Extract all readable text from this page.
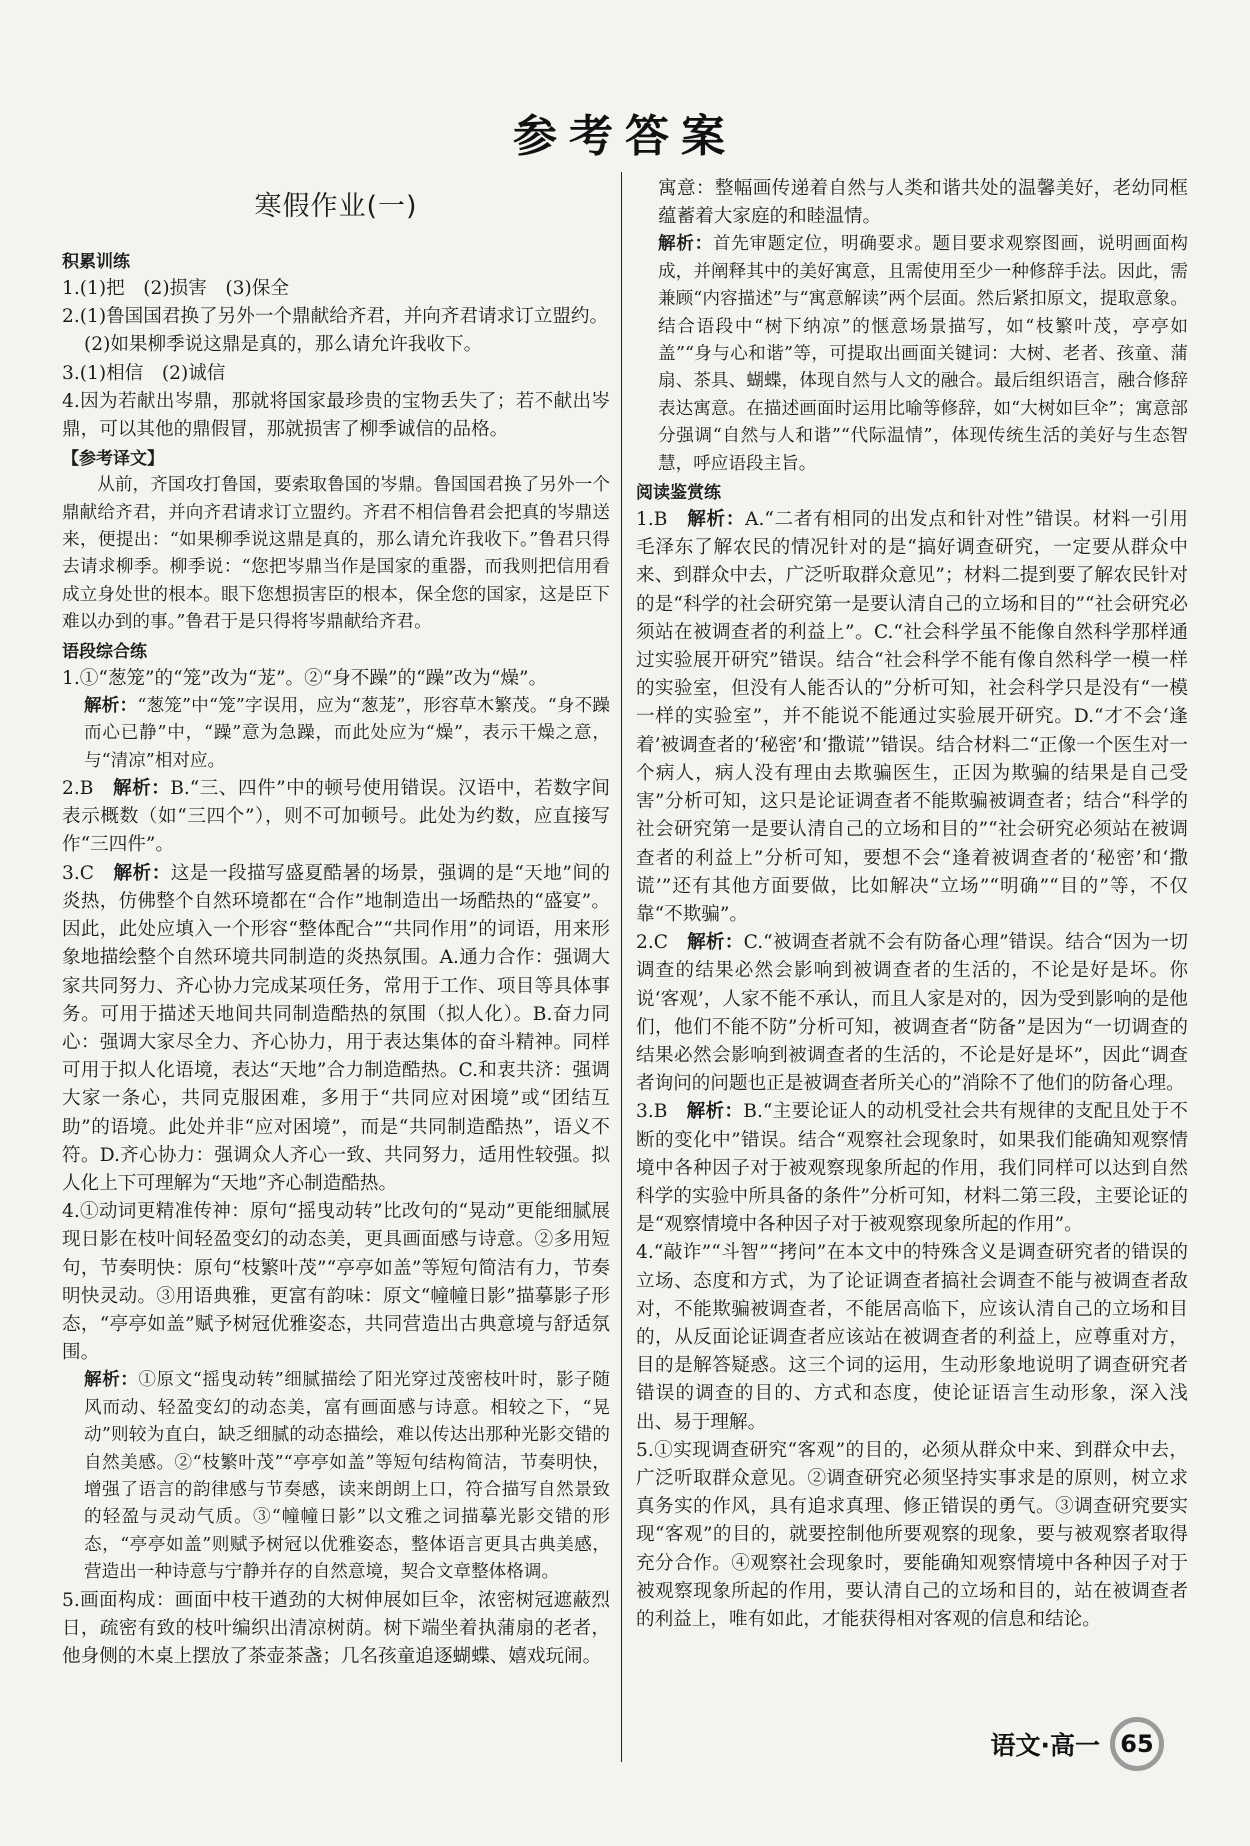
参考答案
寒假作业(一)
积累训练
1.(1)把　(2)损害　(3)保全
2.(1)鲁国国君换了另外一个鼎献给齐君，并向齐君请求订立盟约。
(2)如果柳季说这鼎是真的，那么请允许我收下。
3.(1)相信　(2)诚信
4.因为若献出岑鼎，那就将国家最珍贵的宝物丢失了；若不献出岑鼎，可以其他的鼎假冒，那就损害了柳季诚信的品格。
【参考译文】
从前，齐国攻打鲁国，要索取鲁国的岑鼎。鲁国国君换了另外一个鼎献给齐君，并向齐君请求订立盟约。齐君不相信鲁君会把真的岑鼎送来，便提出：“如果柳季说这鼎是真的，那么请允许我收下。”鲁君只得去请求柳季。柳季说：“您把岑鼎当作是国家的重器，而我则把信用看成立身处世的根本。眼下您想损害臣的根本，保全您的国家，这是臣下难以办到的事。”鲁君于是只得将岑鼎献给齐君。
语段综合练
1.①“葱笼”的“笼”改为“茏”。②“身不躁”的“躁”改为“燥”。
解析：“葱笼”中“笼”字误用，应为“葱茏”，形容草木繁茂。“身不躁而心已静”中，“躁”意为急躁，而此处应为“燥”，表示干燥之意，与“清凉”相对应。
2.B　解析：B.“三、四件”中的顿号使用错误。汉语中，若数字间表示概数（如“三四个”），则不可加顿号。此处为约数，应直接写作“三四件”。
3.C　解析：这是一段描写盛夏酷暑的场景，强调的是“天地”间的炎热，仿佛整个自然环境都在“合作”地制造出一场酷热的“盛宴”。因此，此处应填入一个形容“整体配合”“共同作用”的词语，用来形象地描绘整个自然环境共同制造的炎热氛围。A.通力合作：强调大家共同努力、齐心协力完成某项任务，常用于工作、项目等具体事务。可用于描述天地间共同制造酷热的氛围（拟人化）。B.奋力同心：强调大家尽全力、齐心协力，用于表达集体的奋斗精神。同样可用于拟人化语境，表达“天地”合力制造酷热。C.和衷共济：强调大家一条心，共同克服困难，多用于“共同应对困境”或“团结互助”的语境。此处并非“应对困境”，而是“共同制造酷热”，语义不符。D.齐心协力：强调众人齐心一致、共同努力，适用性较强。拟人化上下可理解为“天地”齐心制造酷热。
4.①动词更精准传神：原句“摇曳动转”比改句的“晃动”更能细腻展现日影在枝叶间轻盈变幻的动态美，更具画面感与诗意。②多用短句，节奏明快：原句“枝繁叶茂”“亭亭如盖”等短句简洁有力，节奏明快灵动。③用语典雅，更富有韵味：原文“幢幢日影”描摹影子形态，“亭亭如盖”赋予树冠优雅姿态，共同营造出古典意境与舒适氛围。
解析：①原文“摇曳动转”细腻描绘了阳光穿过茂密枝叶时，影子随风而动、轻盈变幻的动态美，富有画面感与诗意。相较之下，“晃动”则较为直白，缺乏细腻的动态描绘，难以传达出那种光影交错的自然美感。②“枝繁叶茂”“亭亭如盖”等短句结构简洁，节奏明快，增强了语言的韵律感与节奏感，读来朗朗上口，符合描写自然景致的轻盈与灵动气质。③“幢幢日影”以文雅之词描摹光影交错的形态，“亭亭如盖”则赋予树冠以优雅姿态，整体语言更具古典美感，营造出一种诗意与宁静并存的自然意境，契合文章整体格调。
5.画面构成：画面中枝干遒劲的大树伸展如巨伞，浓密树冠遮蔽烈日，疏密有致的枝叶编织出清凉树荫。树下端坐着执蒲扇的老者，他身侧的木桌上摆放了茶壶茶盏；几名孩童追逐蝴蝶、嬉戏玩闹。
寓意：整幅画传递着自然与人类和谐共处的温馨美好，老幼同框蕴蓄着大家庭的和睦温情。
解析：首先审题定位，明确要求。题目要求观察图画，说明画面构成，并阐释其中的美好寓意，且需使用至少一种修辞手法。因此，需兼顾“内容描述”与“寓意解读”两个层面。然后紧扣原文，提取意象。结合语段中“树下纳凉”的惬意场景描写，如“枝繁叶茂，亭亭如盖”“身与心和谐”等，可提取出画面关键词：大树、老者、孩童、蒲扇、茶具、蝴蝶，体现自然与人文的融合。最后组织语言，融合修辞表达寓意。在描述画面时运用比喻等修辞，如“大树如巨伞”；寓意部分强调“自然与人和谐”“代际温情”，体现传统生活的美好与生态智慧，呼应语段主旨。
阅读鉴赏练
1.B　解析：A.“二者有相同的出发点和针对性”错误。材料一引用毛泽东了解农民的情况针对的是“搞好调查研究，一定要从群众中来、到群众中去，广泛听取群众意见”；材料二提到要了解农民针对的是“科学的社会研究第一是要认清自己的立场和目的”“社会研究必须站在被调查者的利益上”。C.“社会科学虽不能像自然科学那样通过实验展开研究”错误。结合“社会科学不能有像自然科学一模一样的实验室，但没有人能否认的”分析可知，社会科学只是没有“一模一样的实验室”，并不能说不能通过实验展开研究。D.“才不会‘逢着’被调查者的‘秘密’和‘撒谎’”错误。结合材料二“正像一个医生对一个病人，病人没有理由去欺骗医生，正因为欺骗的结果是自己受害”分析可知，这只是论证调查者不能欺骗被调查者；结合“科学的社会研究第一是要认清自己的立场和目的”“社会研究必须站在被调查者的利益上”分析可知，要想不会“逢着被调查者的‘秘密’和‘撒谎’”还有其他方面要做，比如解决“立场”“明确”“目的”等，不仅靠“不欺骗”。
2.C　解析：C.“被调查者就不会有防备心理”错误。结合“因为一切调查的结果必然会影响到被调查者的生活的，不论是好是坏。你说‘客观’，人家不能不承认，而且人家是对的，因为受到影响的是他们，他们不能不防”分析可知，被调查者“防备”是因为“一切调查的结果必然会影响到被调查者的生活的，不论是好是坏”，因此“调查者询问的问题也正是被调查者所关心的”消除不了他们的防备心理。
3.B　解析：B.“主要论证人的动机受社会共有规律的支配且处于不断的变化中”错误。结合“观察社会现象时，如果我们能确知观察情境中各种因子对于被观察现象所起的作用，我们同样可以达到自然科学的实验中所具备的条件”分析可知，材料二第三段，主要论证的是“观察情境中各种因子对于被观察现象所起的作用”。
4.“敲诈”“斗智”“拷问”在本文中的特殊含义是调查研究者的错误的立场、态度和方式，为了论证调查者搞社会调查不能与被调查者敌对，不能欺骗被调查者，不能居高临下，应该认清自己的立场和目的，从反面论证调查者应该站在被调查者的利益上，应尊重对方，目的是解答疑惑。这三个词的运用，生动形象地说明了调查研究者错误的调查的目的、方式和态度，使论证语言生动形象，深入浅出、易于理解。
5.①实现调查研究“客观”的目的，必须从群众中来、到群众中去，广泛听取群众意见。②调查研究必须坚持实事求是的原则，树立求真务实的作风，具有追求真理、修正错误的勇气。③调查研究要实现“客观”的目的，就要控制他所要观察的现象，要与被观察者取得充分合作。④观察社会现象时，要能确知观察情境中各种因子对于被观察现象所起的作用，要认清自己的立场和目的，站在被调查者的利益上，唯有如此，才能获得相对客观的信息和结论。
语文·高一 65
